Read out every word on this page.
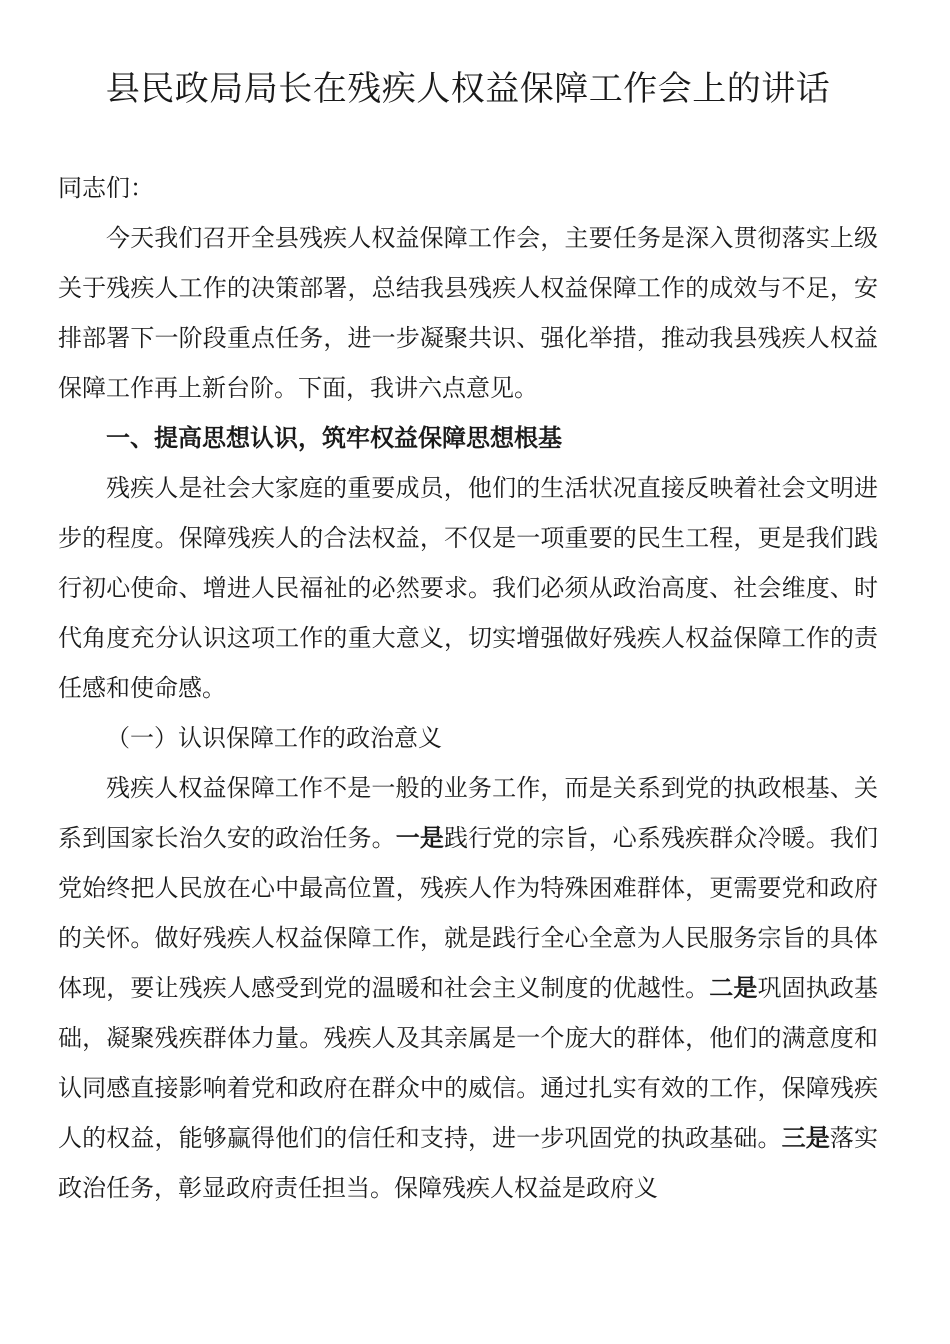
县民政局局长在残疾人权益保障工作会上的讲话

同志们：

今天我们召开全县残疾人权益保障工作会，主要任务是深入贯彻落实上级关于残疾人工作的决策部署，总结我县残疾人权益保障工作的成效与不足，安排部署下一阶段重点任务，进一步凝聚共识、强化举措，推动我县残疾人权益保障工作再上新台阶。下面，我讲六点意见。

一、提高思想认识，筑牢权益保障思想根基

残疾人是社会大家庭的重要成员，他们的生活状况直接反映着社会文明进步的程度。保障残疾人的合法权益，不仅是一项重要的民生工程，更是我们践行初心使命、增进人民福祉的必然要求。我们必须从政治高度、社会维度、时代角度充分认识这项工作的重大意义，切实增强做好残疾人权益保障工作的责任感和使命感。

（一）认识保障工作的政治意义

残疾人权益保障工作不是一般的业务工作，而是关系到党的执政根基、关系到国家长治久安的政治任务。一是践行党的宗旨，心系残疾群众冷暖。我们党始终把人民放在心中最高位置，残疾人作为特殊困难群体，更需要党和政府的关怀。做好残疾人权益保障工作，就是践行全心全意为人民服务宗旨的具体体现，要让残疾人感受到党的温暖和社会主义制度的优越性。二是巩固执政基础，凝聚残疾群体力量。残疾人及其亲属是一个庞大的群体，他们的满意度和认同感直接影响着党和政府在群众中的威信。通过扎实有效的工作，保障残疾人的权益，能够赢得他们的信任和支持，进一步巩固党的执政基础。三是落实政治任务，彰显政府责任担当。保障残疾人权益是政府义
